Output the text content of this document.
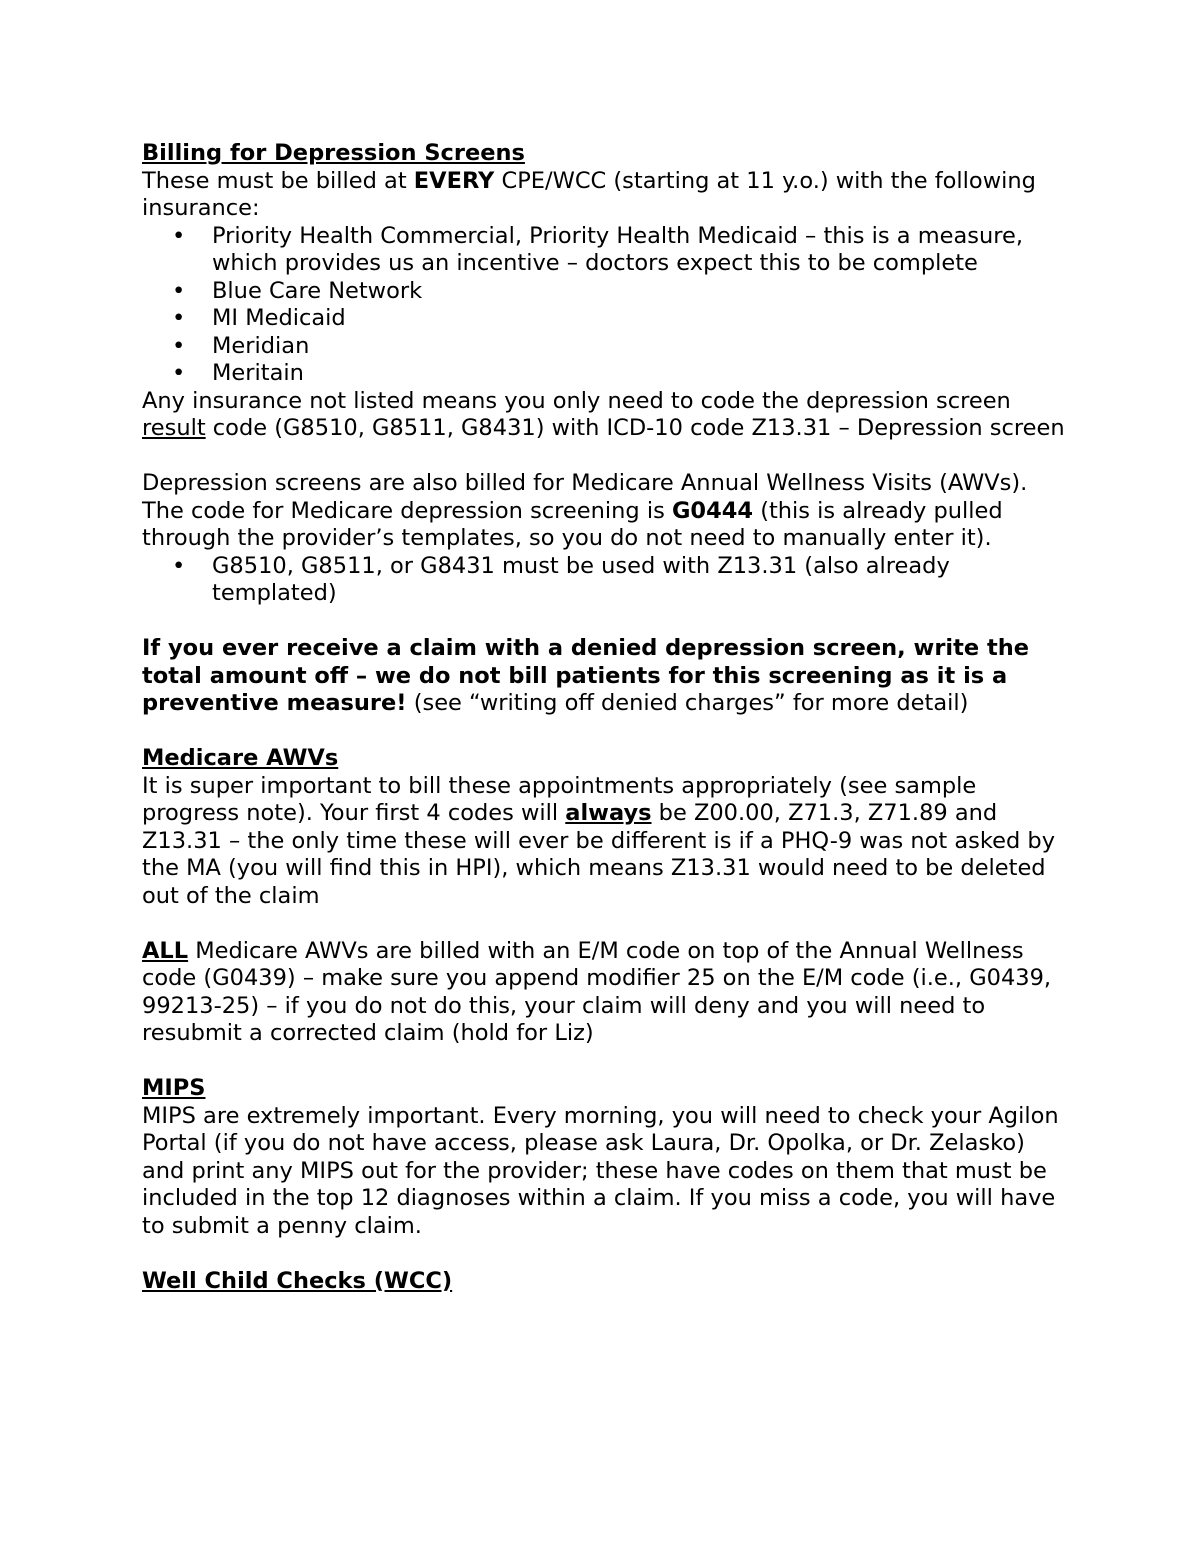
Billing for Depression Screens

These must be billed at EVERY CPE/WCC (starting at 11 y.o.) with the following insurance:

• Priority Health Commercial, Priority Health Medicaid – this is a measure, which provides us an incentive – doctors expect this to be complete
• Blue Care Network
• MI Medicaid
• Meridian
• Meritain

Any insurance not listed means you only need to code the depression screen result code (G8510, G8511, G8431) with ICD-10 code Z13.31 – Depression screen

Depression screens are also billed for Medicare Annual Wellness Visits (AWVs). The code for Medicare depression screening is G0444 (this is already pulled through the provider’s templates, so you do not need to manually enter it).

• G8510, G8511, or G8431 must be used with Z13.31 (also already templated)

If you ever receive a claim with a denied depression screen, write the total amount off – we do not bill patients for this screening as it is a preventive measure! (see “writing off denied charges” for more detail)

Medicare AWVs

It is super important to bill these appointments appropriately (see sample progress note). Your first 4 codes will always be Z00.00, Z71.3, Z71.89 and Z13.31 – the only time these will ever be different is if a PHQ-9 was not asked by the MA (you will find this in HPI), which means Z13.31 would need to be deleted out of the claim

ALL Medicare AWVs are billed with an E/M code on top of the Annual Wellness code (G0439) – make sure you append modifier 25 on the E/M code (i.e., G0439, 99213-25) – if you do not do this, your claim will deny and you will need to resubmit a corrected claim (hold for Liz)

MIPS

MIPS are extremely important. Every morning, you will need to check your Agilon Portal (if you do not have access, please ask Laura, Dr. Opolka, or Dr. Zelasko) and print any MIPS out for the provider; these have codes on them that must be included in the top 12 diagnoses within a claim. If you miss a code, you will have to submit a penny claim.

Well Child Checks (WCC)
